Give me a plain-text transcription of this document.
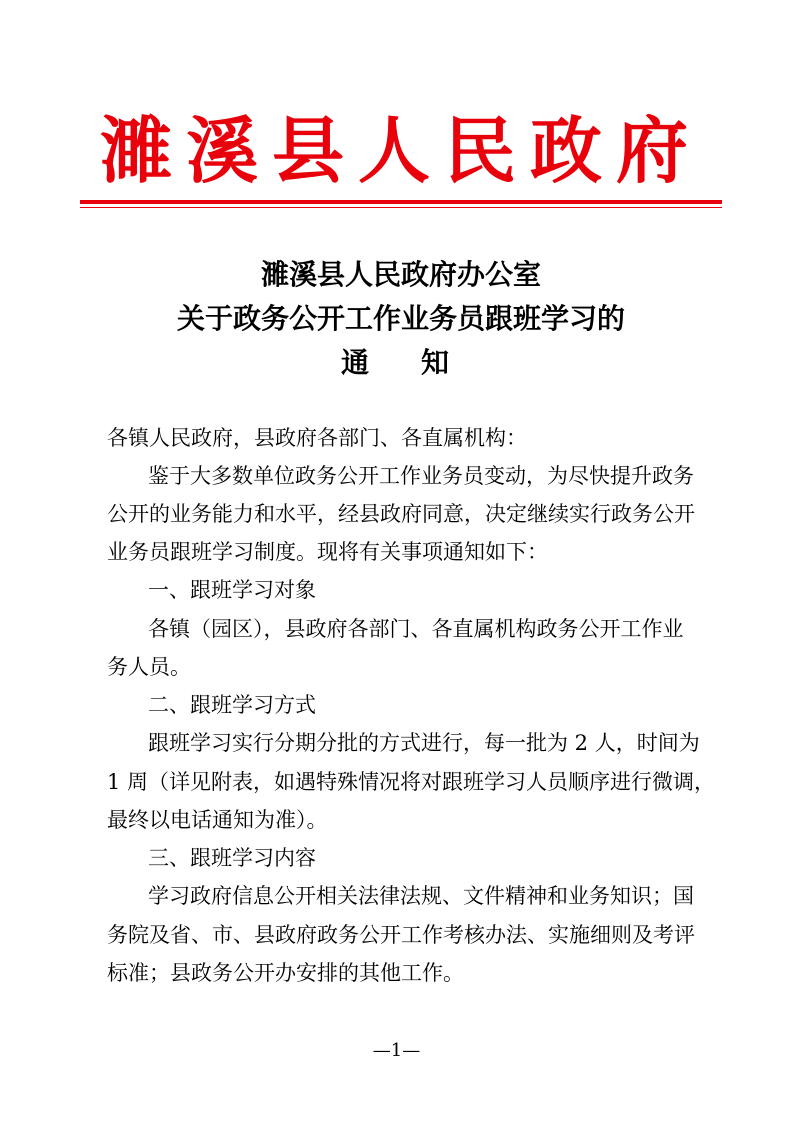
濉溪县人民政府
濉溪县人民政府办公室
关于政务公开工作业务员跟班学习的
通 知
各镇人民政府，县政府各部门、各直属机构：
鉴于大多数单位政务公开工作业务员变动，为尽快提升政务
公开的业务能力和水平，经县政府同意，决定继续实行政务公开
业务员跟班学习制度。现将有关事项通知如下：
一、跟班学习对象
各镇（园区），县政府各部门、各直属机构政务公开工作业
务人员。
二、跟班学习方式
跟班学习实行分期分批的方式进行，每一批为 2 人，时间为
1 周（详见附表，如遇特殊情况将对跟班学习人员顺序进行微调，
最终以电话通知为准）。
三、跟班学习内容
学习政府信息公开相关法律法规、文件精神和业务知识；国
务院及省、市、县政府政务公开工作考核办法、实施细则及考评
标准；县政务公开办安排的其他工作。
—1—
